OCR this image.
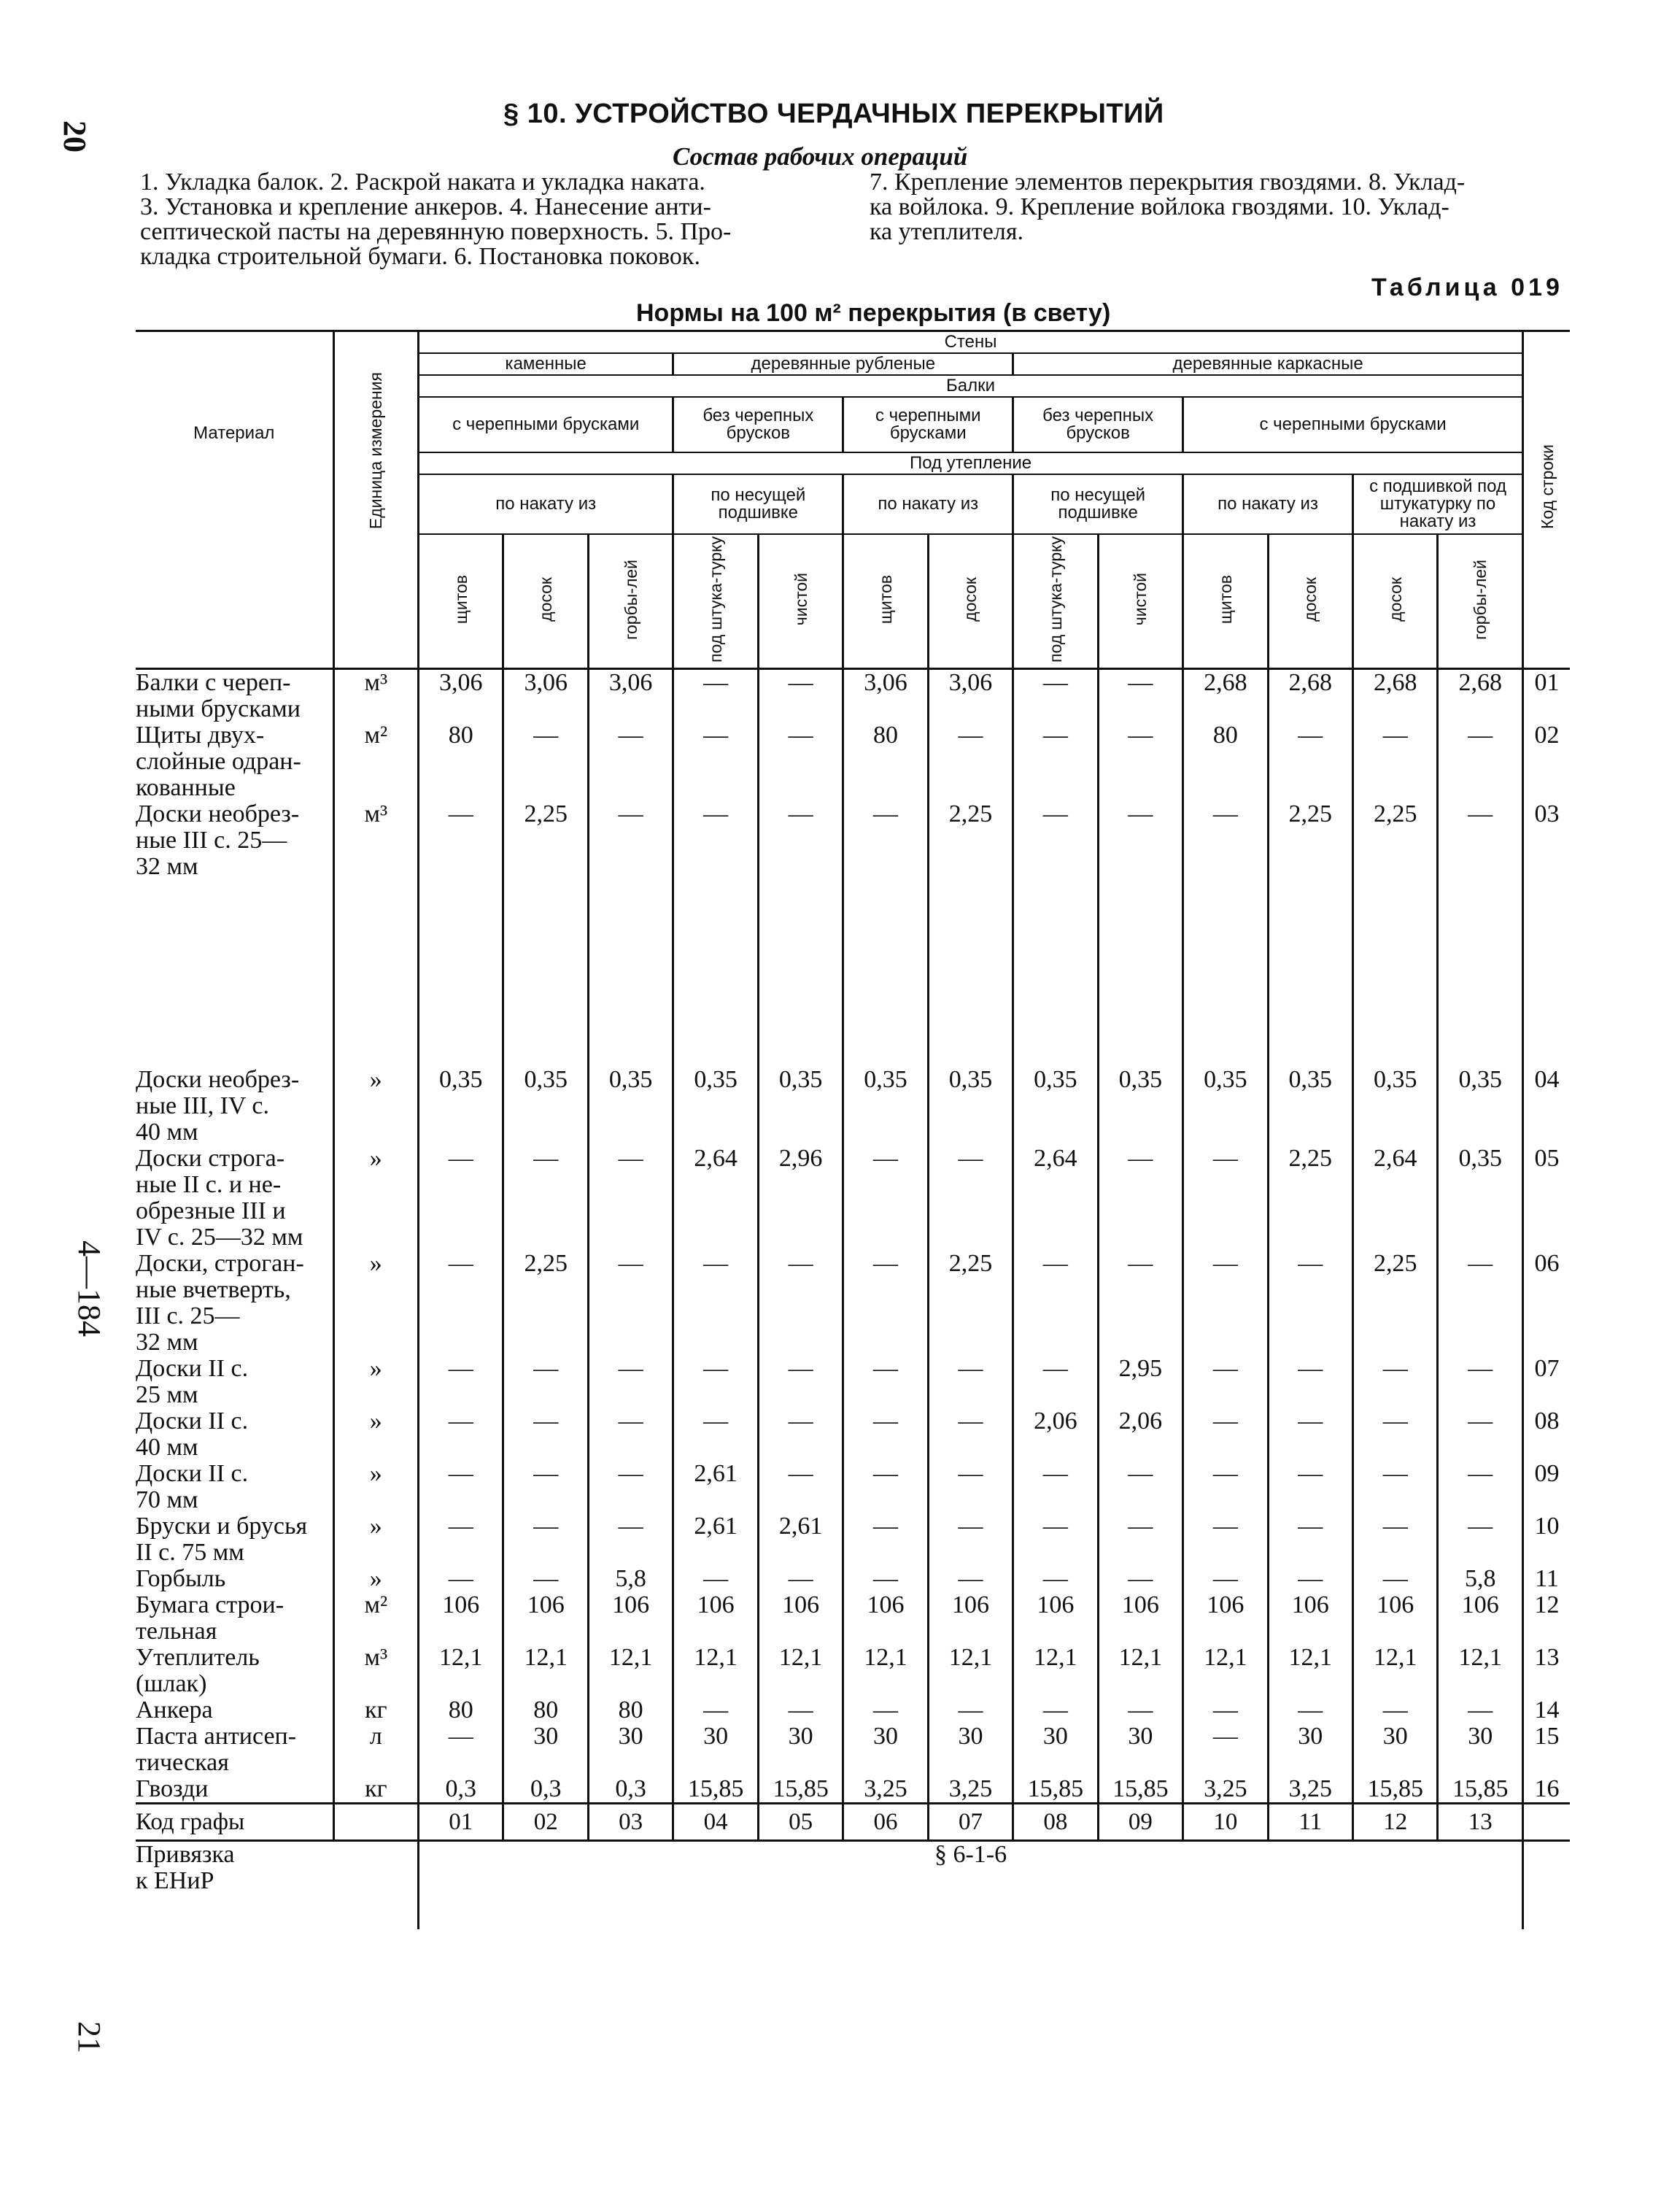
20
4—184
21
§ 10. УСТРОЙСТВО ЧЕРДАЧНЫХ ПЕРЕКРЫТИЙ
Состав рабочих операций
1. Укладка балок. 2. Раскрой наката и укладка наката.
3. Установка и крепление анкеров. 4. Нанесение анти-
септической пасты на деревянную поверхность. 5. Про-
кладка строительной бумаги. 6. Постановка поковок.
7. Крепление элементов перекрытия гвоздями. 8. Уклад-
ка войлока. 9. Крепление войлока гвоздями. 10. Уклад-
ка утеплителя.
Таблица 019
Нормы на 100 м² перекрытия (в свету)
Материал	Единица измерения	Стены													Код строки
		каменные			деревянные рубленые				деревянные каркасные						
		Балки													
		с черепными брусками			без черепных брусков		с черепными брусками		без черепных брусков		с черепными брусками				
		Под утепление													
		по накату из			по несущей подшивке		по накату из		по несущей подшивке		по накату из		с подшивкой под штукатурку по накату из		
		щитов	досок	горбы-лей	под штука-турку	чистой	щитов	досок	под штука-турку	чистой	щитов	досок	досок	горбы-лей	

Балки с череп-
ными брусками	м³	3,06	3,06	3,06	—	—	3,06	3,06	—	—	2,68	2,68	2,68	2,68	01

Щиты двух-
слойные одран-
кованные	м²	80	—	—	—	—	80	—	—	—	80	—	—	—	02

Доски необрез-
ные III с. 25—
32 мм	м³	—	2,25	—	—	—	—	2,25	—	—	—	2,25	2,25	—	03

Доски необрез-
ные III, IV с.
40 мм	»	0,35	0,35	0,35	0,35	0,35	0,35	0,35	0,35	0,35	0,35	0,35	0,35	0,35	04

Доски строга-
ные II с. и не-
обрезные III и
IV с. 25—32 мм	»	—	—	—	2,64	2,96	—	—	2,64	—	—	2,25	2,64	0,35	05

Доски, строган-
ные вчетверть,
III с. 25—
32 мм	»	—	2,25	—	—	—	—	2,25	—	—	—	—	2,25	—	06

Доски II с.
25 мм	»	—	—	—	—	—	—	—	—	2,95	—	—	—	—	07

Доски II с.
40 мм	»	—	—	—	—	—	—	—	2,06	2,06	—	—	—	—	08

Доски II с.
70 мм	»	—	—	—	2,61	—	—	—	—	—	—	—	—	—	09

Бруски и брусья
II с. 75 мм	»	—	—	—	2,61	2,61	—	—	—	—	—	—	—	—	10

Горбыль	»	—	—	5,8	—	—	—	—	—	—	—	—	—	5,8	11

Бумага строи-
тельная	м²	106	106	106	106	106	106	106	106	106	106	106	106	106	12

Утеплитель
(шлак)	м³	12,1	12,1	12,1	12,1	12,1	12,1	12,1	12,1	12,1	12,1	12,1	12,1	12,1	13

Анкера	кг	80	80	80	—	—	—	—	—	—	—	—	—	—	14

Паста антисеп-
тическая	л	—	30	30	30	30	30	30	30	30	—	30	30	30	15

Гвозди	кг	0,3	0,3	0,3	15,85	15,85	3,25	3,25	15,85	15,85	3,25	3,25	15,85	15,85	16
Код графы		01	02	03	04	05	06	07	08	09	10	11	12	13	

Привязка
к ЕНиР		§ 6-1-6													
